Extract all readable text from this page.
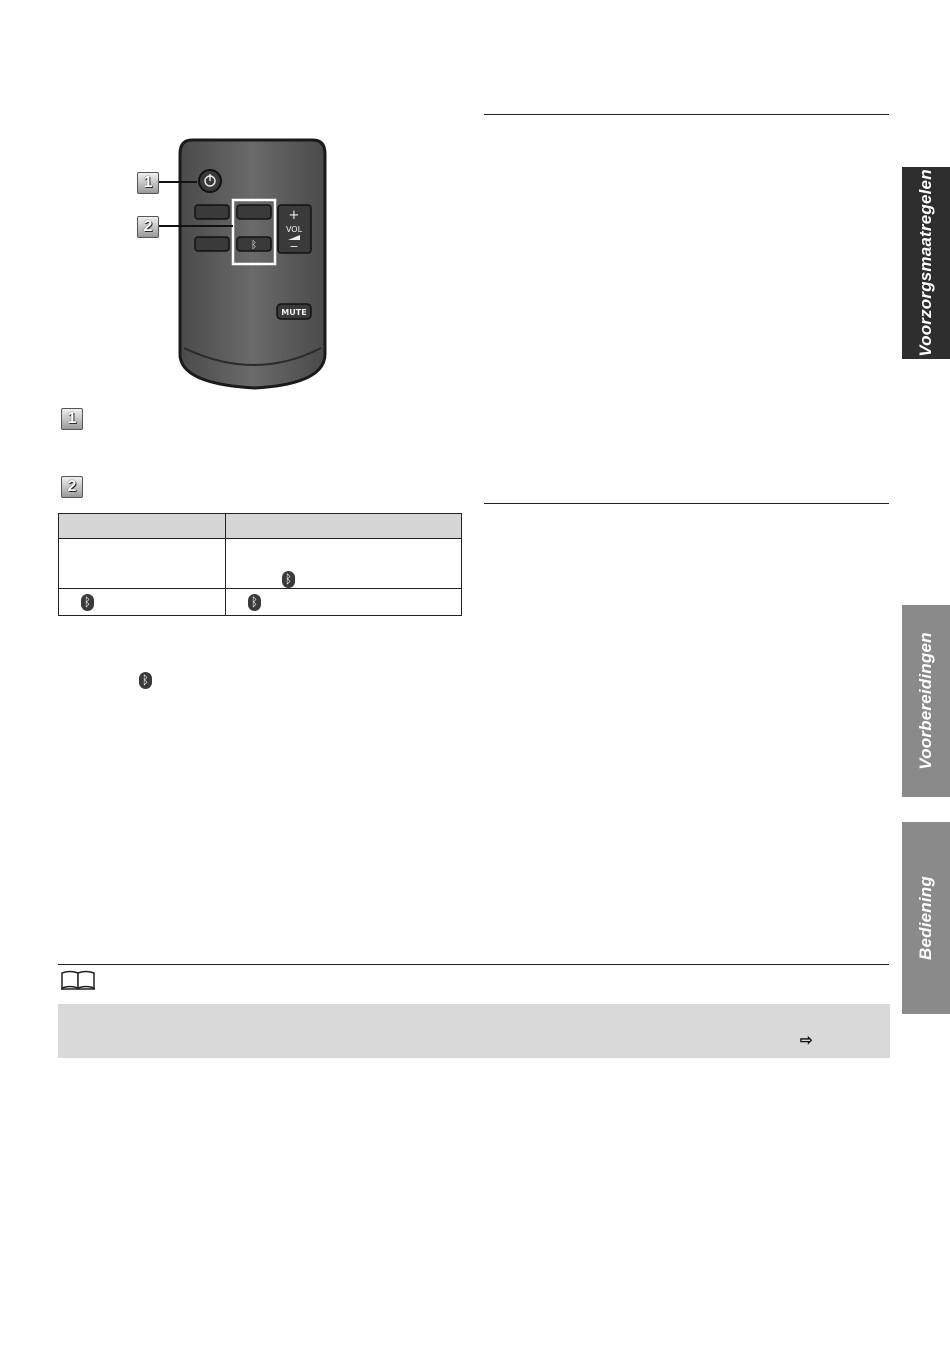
ᛒ
+
VOL
−
MUTE
1
2
1
2

	ᛒ
ᛒ	ᛒ
ᛒ
⇨
Voorzorgsmaatregelen
Voorbereidingen
Bediening
